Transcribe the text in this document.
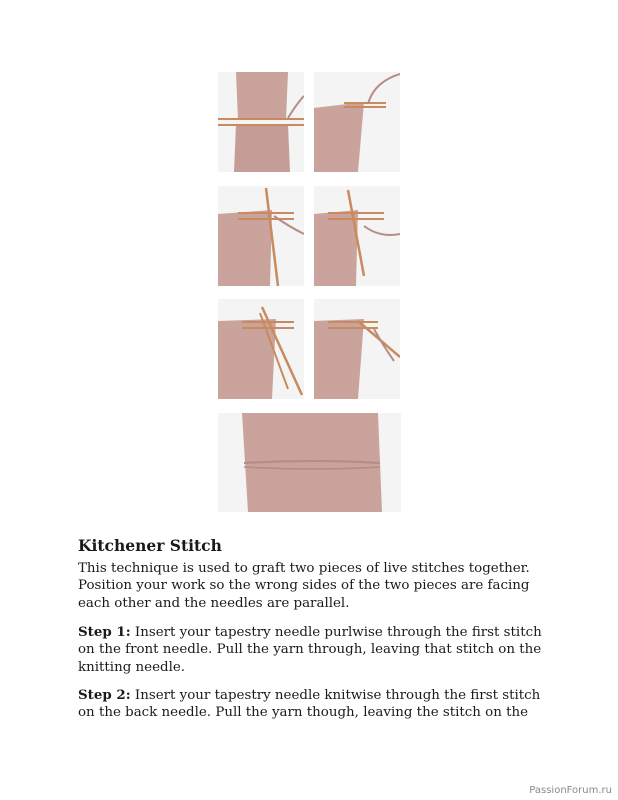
Kitchener Stitch

This technique is used to graft two pieces of live stitches together. Position your work so the wrong sides of the two pieces are facing each other and the needles are parallel.

Step 1: Insert your tapestry needle purlwise through the first stitch on the front needle. Pull the yarn through, leaving that stitch on the knitting needle.

Step 2: Insert your tapestry needle knitwise through the first stitch on the back needle. Pull the yarn though, leaving the stitch on the

PassionForum.ru
